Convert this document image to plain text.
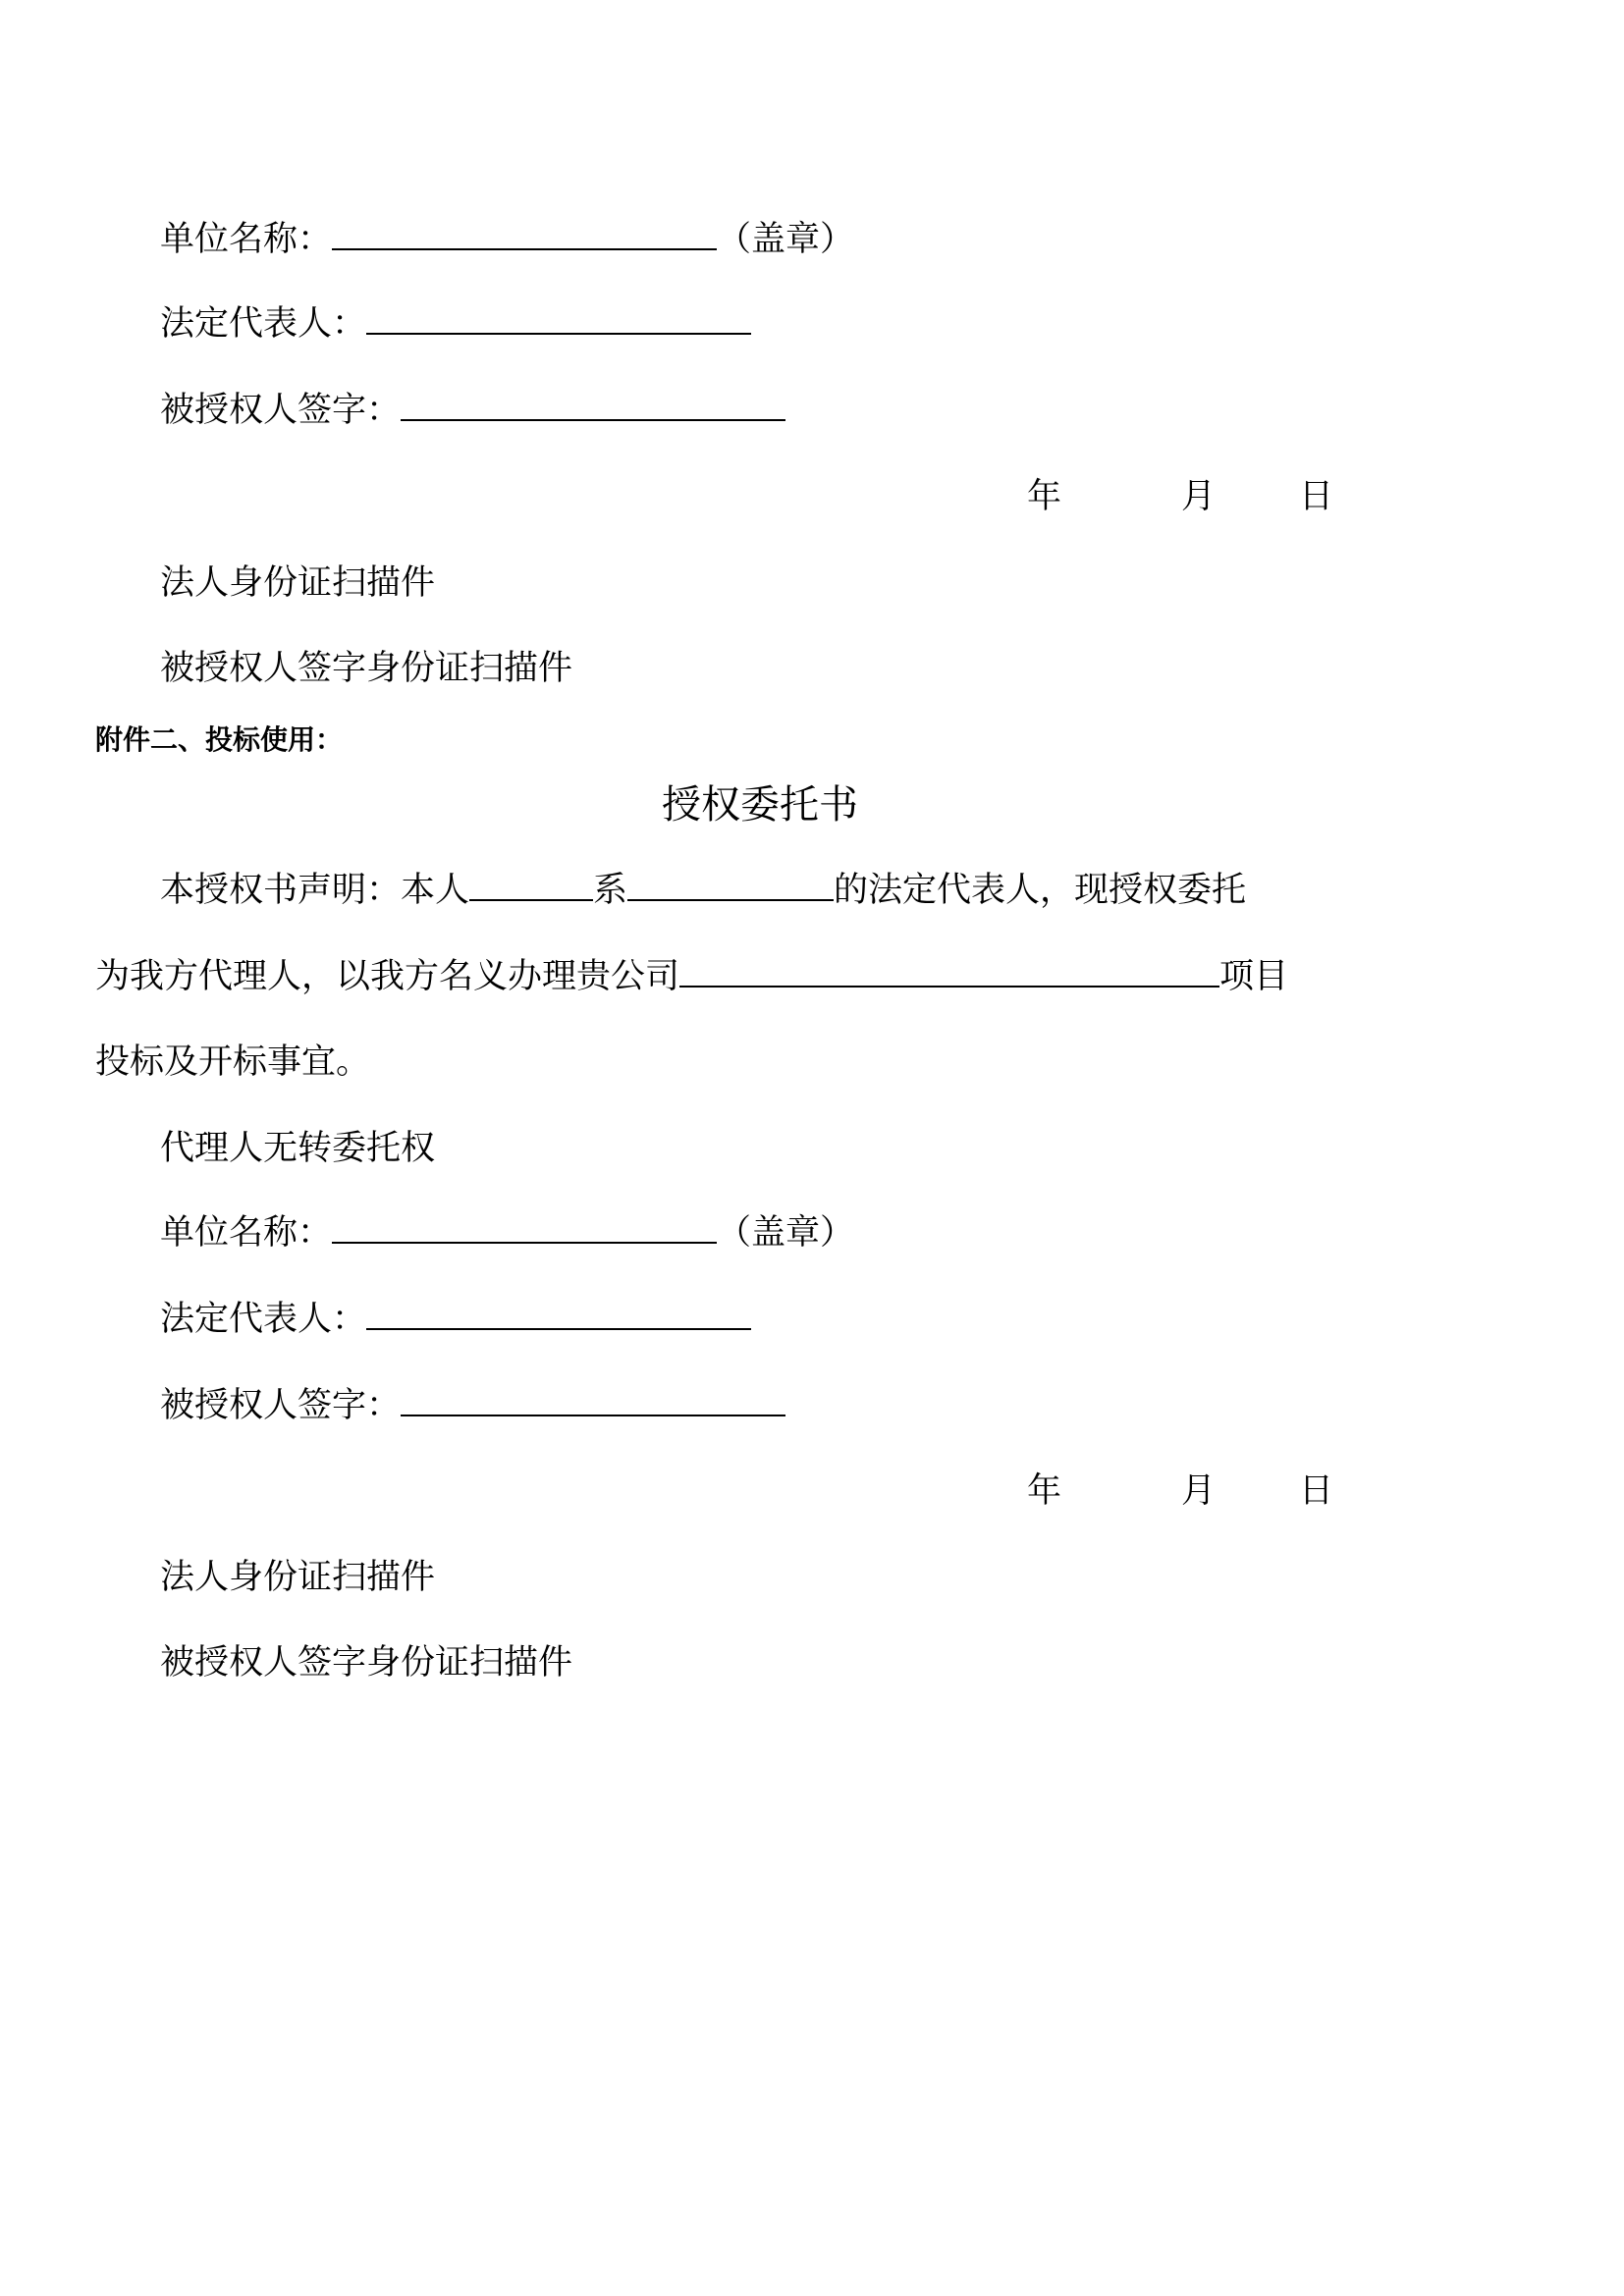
单位名称：	（盖章）
法定代表人：
被授权人签字：
年	月 日
法人身份证扫描件
被授权人签字身份证扫描件
附件二、投标使用：
授权委托书
本授权书声明：本人	系	的法定代表人，现授权委托
为我方代理人，以我方名义办理贵公司	项目
投标及开标事宜。
代理人无转委托权
单位名称：	（盖章）
法定代表人：
被授权人签字：
年	月 日
法人身份证扫描件
被授权人签字身份证扫描件
